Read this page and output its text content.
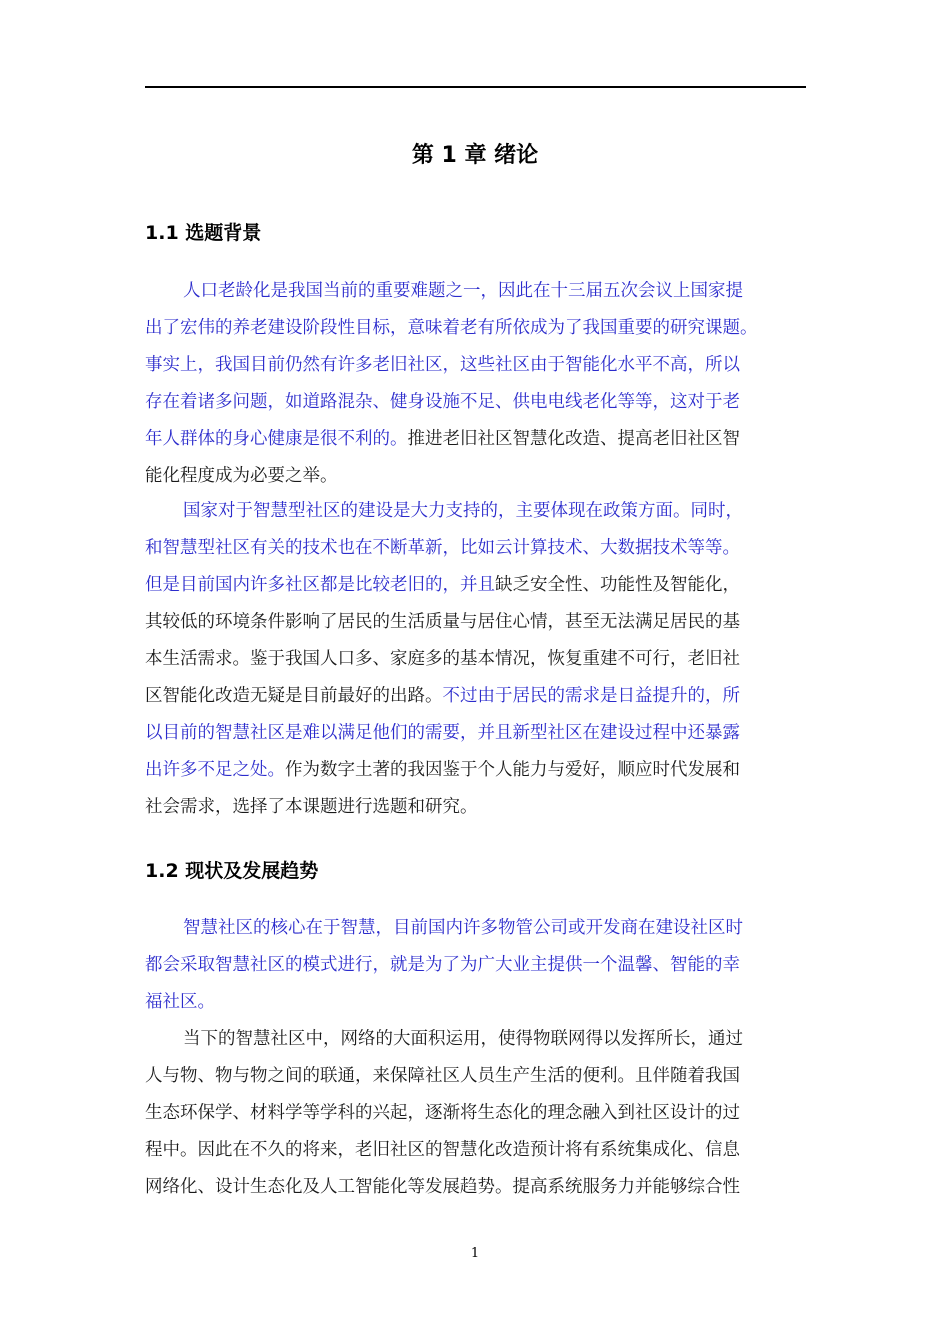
第 1 章 绪论
1.1 选题背景
人口老龄化是我国当前的重要难题之一，因此在十三届五次会议上国家提
出了宏伟的养老建设阶段性目标，意味着老有所依成为了我国重要的研究课题。
事实上，我国目前仍然有许多老旧社区，这些社区由于智能化水平不高，所以
存在着诸多问题，如道路混杂、健身设施不足、供电电线老化等等，这对于老
年人群体的身心健康是很不利的。推进老旧社区智慧化改造、提高老旧社区智
能化程度成为必要之举。
国家对于智慧型社区的建设是大力支持的，主要体现在政策方面。同时，
和智慧型社区有关的技术也在不断革新，比如云计算技术、大数据技术等等。
但是目前国内许多社区都是比较老旧的，并且缺乏安全性、功能性及智能化，
其较低的环境条件影响了居民的生活质量与居住心情，甚至无法满足居民的基
本生活需求。鉴于我国人口多、家庭多的基本情况，恢复重建不可行，老旧社
区智能化改造无疑是目前最好的出路。不过由于居民的需求是日益提升的，所
以目前的智慧社区是难以满足他们的需要，并且新型社区在建设过程中还暴露
出许多不足之处。作为数字土著的我因鉴于个人能力与爱好，顺应时代发展和
社会需求，选择了本课题进行选题和研究。
1.2 现状及发展趋势
智慧社区的核心在于智慧，目前国内许多物管公司或开发商在建设社区时
都会采取智慧社区的模式进行，就是为了为广大业主提供一个温馨、智能的幸
福社区。
当下的智慧社区中，网络的大面积运用，使得物联网得以发挥所长，通过
人与物、物与物之间的联通，来保障社区人员生产生活的便利。且伴随着我国
生态环保学、材料学等学科的兴起，逐渐将生态化的理念融入到社区设计的过
程中。因此在不久的将来，老旧社区的智慧化改造预计将有系统集成化、信息
网络化、设计生态化及人工智能化等发展趋势。提高系统服务力并能够综合性
1
